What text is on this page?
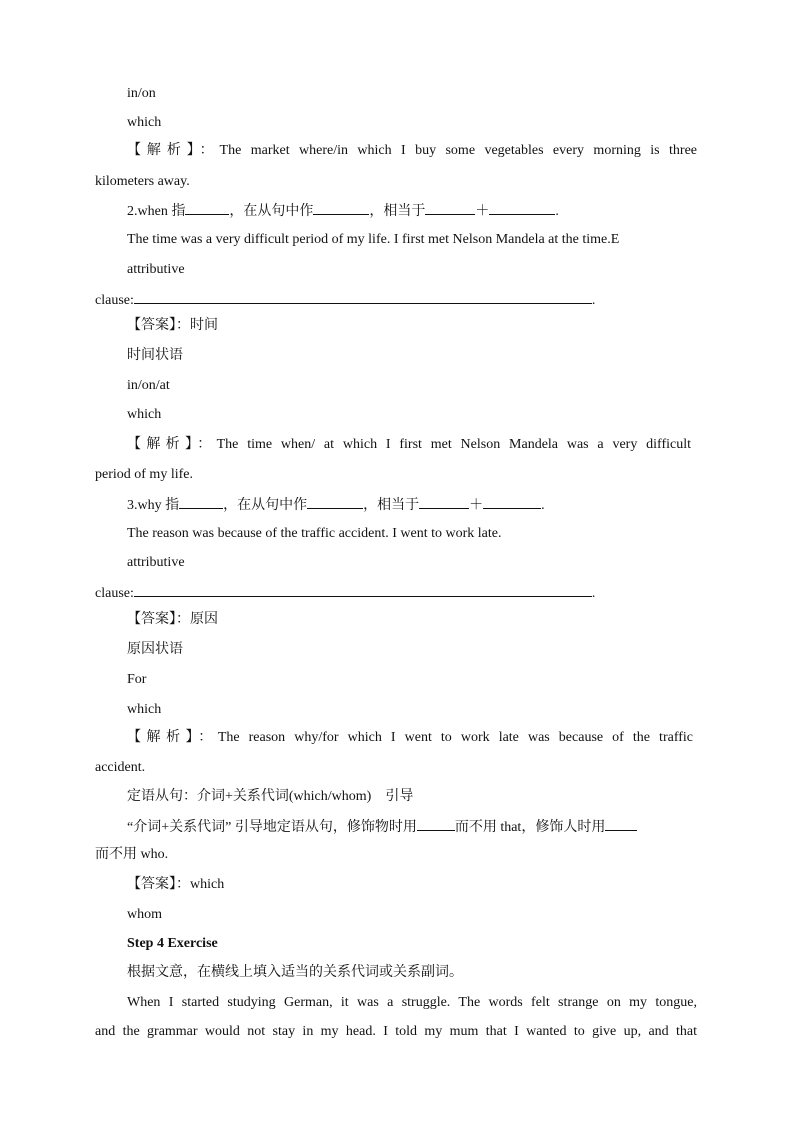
in/on
which
【解析】：The market where/in which I buy some vegetables every morning is three
kilometers away.
2.when 指	，在从句中作	，相当于	＋	.
The time was a very difficult period of my life. I first met Nelson Mandela at the time.E
attributive
clause:	.
【答案】：时间
时间状语
in/on/at
which
【解析】：The time when/ at which I first met Nelson Mandela was a very difficult
period of my life.
3.why 指	，在从句中作	，相当于	＋	.
The reason was because of the traffic accident. I went to work late.
attributive
clause:	.
【答案】：原因
原因状语
For
which
【解析】：The reason why/for which I went to work late was because of the traffic
accident.
定语从句：介词+关系代词(which/whom)　引导
“介词+关系代词” 引导地定语从句，修饰物时用	而不用 that，修饰人时用
而不用 who.
【答案】：which
whom
Step 4 Exercise
根据文意，在横线上填入适当的关系代词或关系副词。
When I started studying German, it was a struggle. The words felt strange on my tongue,
and the grammar would not stay in my head. I told my mum that I wanted to give up, and that
